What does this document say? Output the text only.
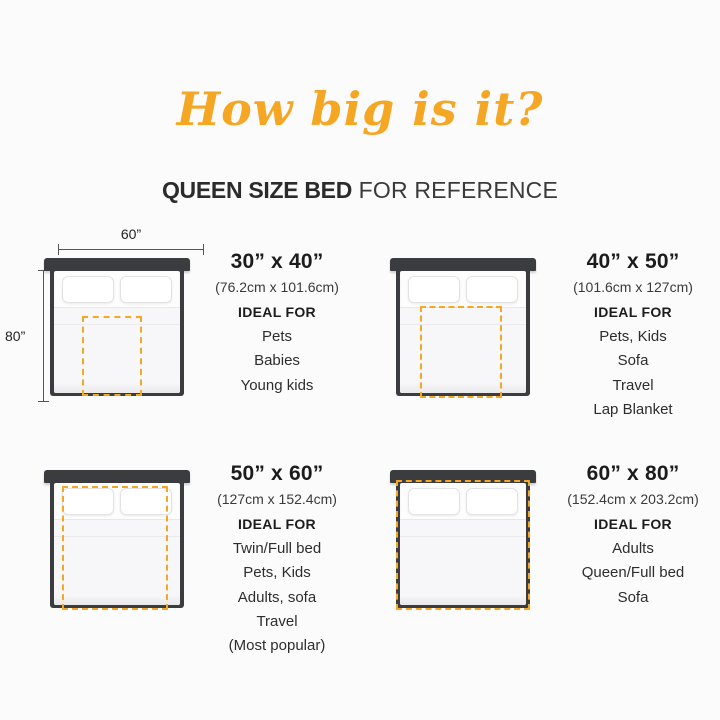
How big is it?
QUEEN SIZE BED FOR REFERENCE
60”
80”
30” x 40”
(76.2cm x 101.6cm)
IDEAL FOR
Pets
Babies
Young kids
40” x 50”
(101.6cm x 127cm)
IDEAL FOR
Pets, Kids
Sofa
Travel
Lap Blanket
50” x 60”
(127cm x 152.4cm)
IDEAL FOR
Twin/Full bed
Pets, Kids
Adults, sofa
Travel
(Most popular)
60” x 80”
(152.4cm x 203.2cm)
IDEAL FOR
Adults
Queen/Full bed
Sofa
